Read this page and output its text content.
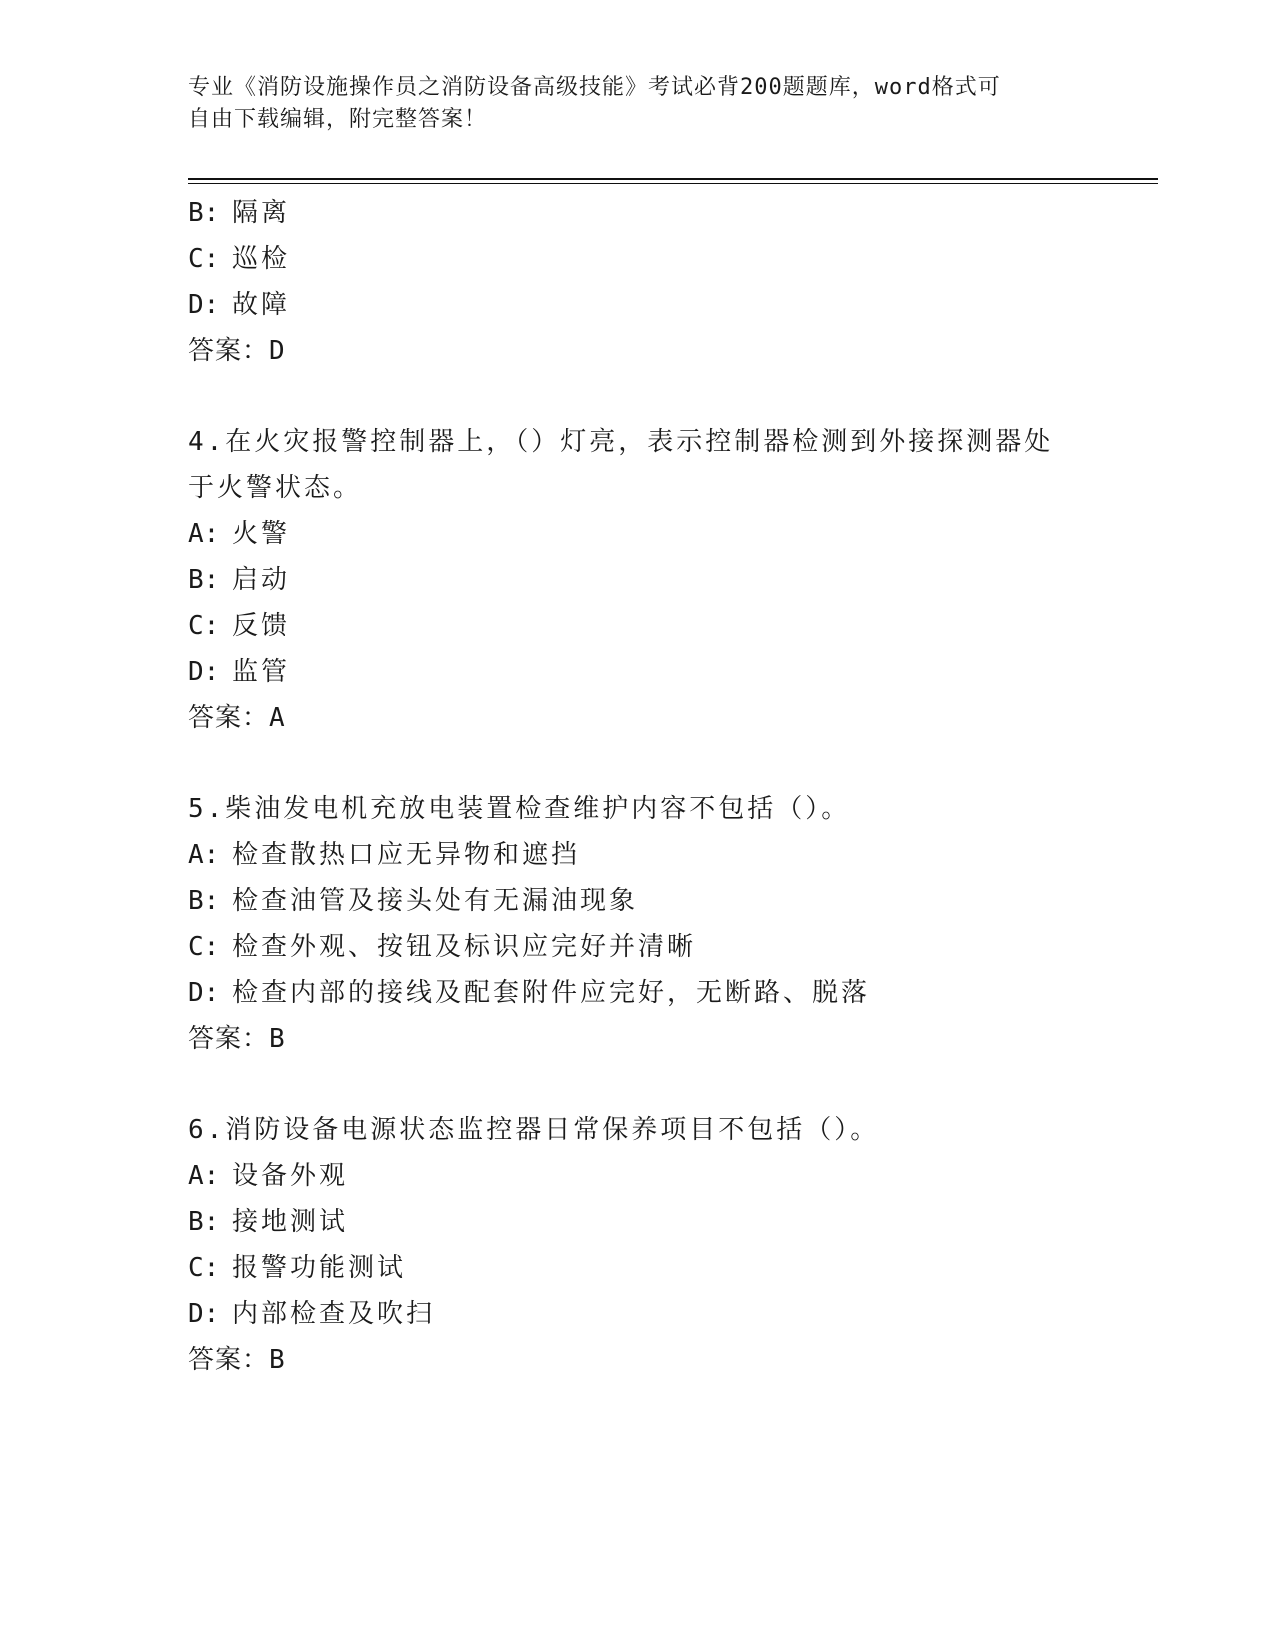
专业《消防设施操作员之消防设备高级技能》考试必背200题题库，word格式可
自由下载编辑，附完整答案！
B: 隔离
C: 巡检
D: 故障
答案：D
4.在火灾报警控制器上，（）灯亮，表示控制器检测到外接探测器处
于火警状态。
A: 火警
B: 启动
C: 反馈
D: 监管
答案：A
5.柴油发电机充放电装置检查维护内容不包括（）。
A: 检查散热口应无异物和遮挡
B: 检查油管及接头处有无漏油现象
C: 检查外观、按钮及标识应完好并清晰
D: 检查内部的接线及配套附件应完好，无断路、脱落
答案：B
6.消防设备电源状态监控器日常保养项目不包括（）。
A: 设备外观
B: 接地测试
C: 报警功能测试
D: 内部检查及吹扫
答案：B
